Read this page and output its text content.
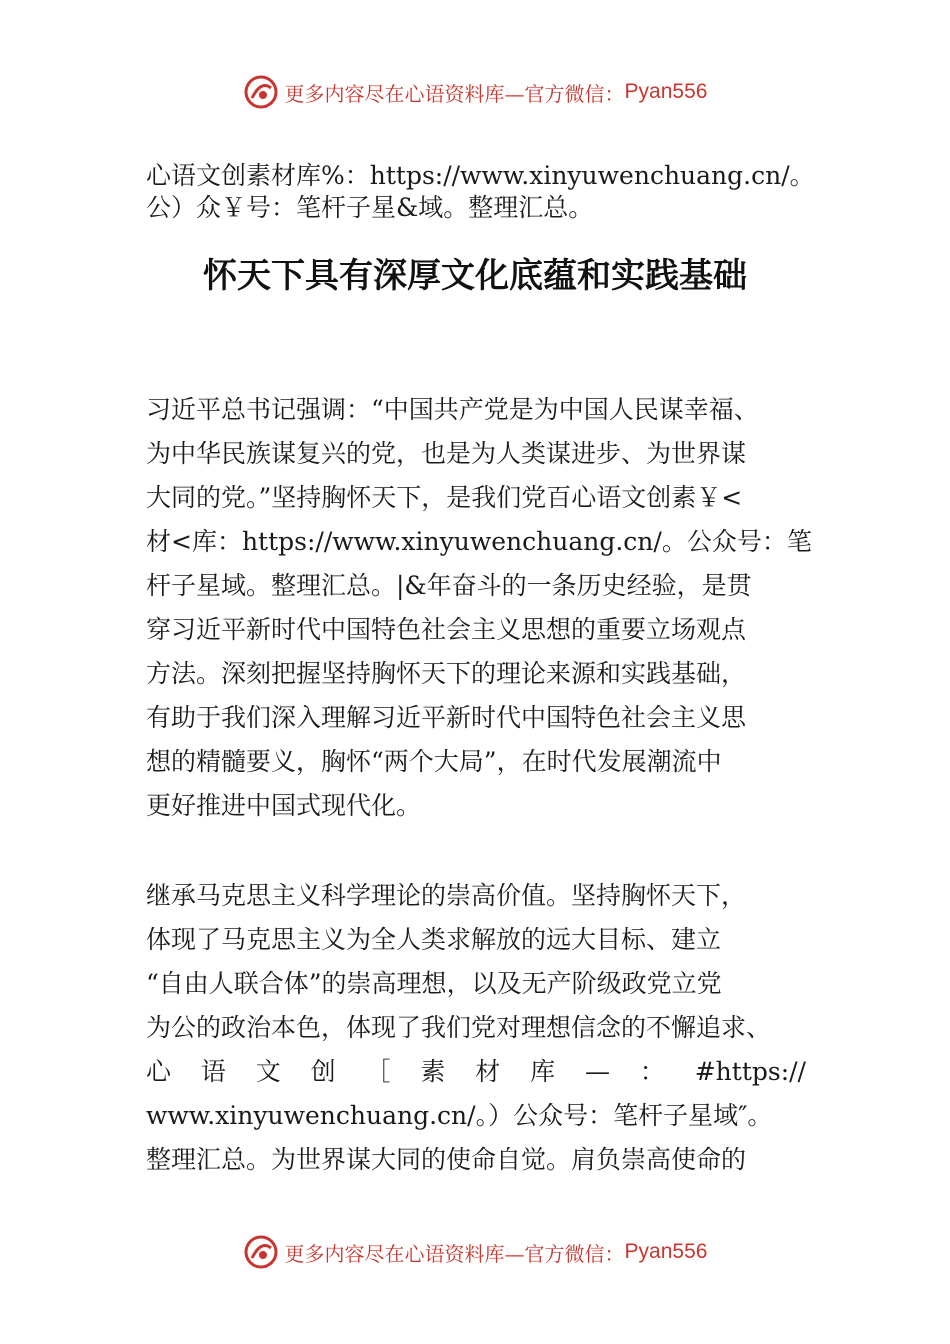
更多内容尽在心语资料库— 官方微信： Pyan556
心语文创素材库%：https://www.xinyuwenchuang.cn/。
公）众￥号：笔杆子星&域。整理汇总。
怀天下具有深厚文化底蕴和实践基础
习近平总书记强调：“中国共产党是为中国人民谋幸福、
为中华民族谋复兴的党，也是为人类谋进步、为世界谋
大同的党。”坚持胸怀天下，是我们党百心语文创素￥<
材<库：https://www.xinyuwenchuang.cn/。公众号：笔
杆子星域。整理汇总。|&年奋斗的一条历史经验，是贯
穿习近平新时代中国特色社会主义思想的重要立场观点
方法。深刻把握坚持胸怀天下的理论来源和实践基础，
有助于我们深入理解习近平新时代中国特色社会主义思
想的精髓要义，胸怀“两个大局”，在时代发展潮流中
更好推进中国式现代化。
继承马克思主义科学理论的崇高价值。坚持胸怀天下，
体现了马克思主义为全人类求解放的远大目标、建立
“自由人联合体”的崇高理想，以及无产阶级政党立党
为公的政治本色，体现了我们党对理想信念的不懈追求、
心 语 文 创 ［ 素 材 库 — ： #https://
www.xinyuwenchuang.cn/。）公众号：笔杆子星域″。
整理汇总。为世界谋大同的使命自觉。肩负崇高使命的
更多内容尽在心语资料库— 官方微信： Pyan556
